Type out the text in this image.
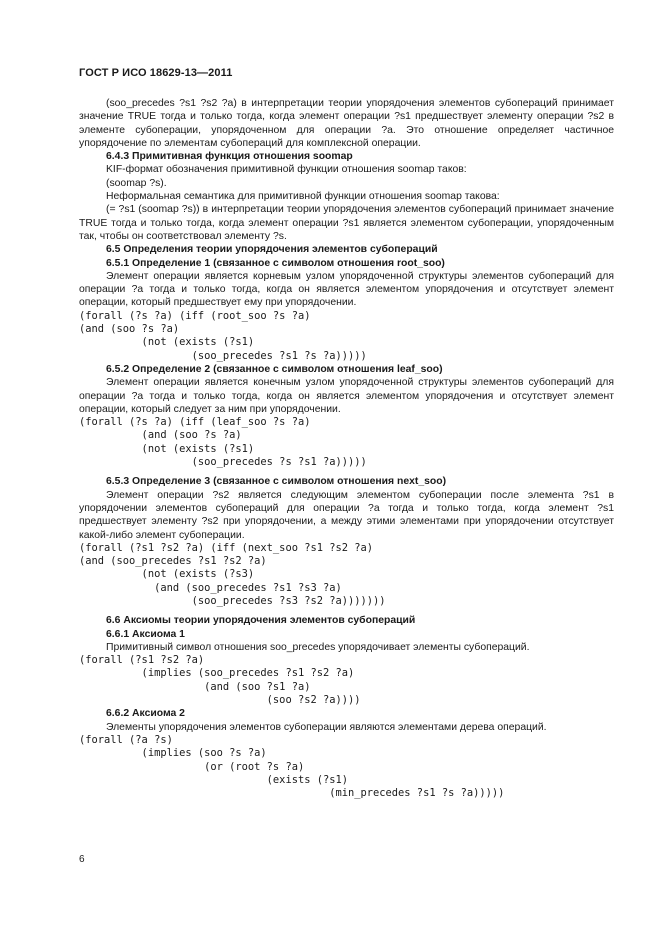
ГОСТ Р ИСО 18629-13—2011

(soo_precedes ?s1 ?s2 ?a) в интерпретации теории упорядочения элементов субопераций принимает значение TRUE тогда и только тогда, когда элемент операции ?s1 предшествует элементу операции ?s2 в элементе субоперации, упорядоченном для операции ?a. Это отношение определяет частичное упорядочение по элементам субопераций для комплексной операции.

6.4.3 Примитивная функция отношения soomap

KIF-формат обозначения примитивной функции отношения soomap таков:

(soomap ?s).

Неформальная семантика для примитивной функции отношения soomap такова:

(= ?s1 (soomap ?s)) в интерпретации теории упорядочения элементов субопераций принимает значение TRUE тогда и только тогда, когда элемент операции ?s1 является элементом субоперации, упорядоченным так, чтобы он соответствовал элементу ?s.

6.5 Определения теории упорядочения элементов субопераций

6.5.1 Определение 1 (связанное с символом отношения root_soo)

Элемент операции является корневым узлом упорядоченной структуры элементов субопераций для операции ?a тогда и только тогда, когда он является элементом упорядочения и отсутствует элемент операции, который предшествует ему при упорядочении.

(forall (?s ?a) (iff (root_soo ?s ?a)
(and (soo ?s ?a)
(not (exists (?s1)
(soo_precedes ?s1 ?s ?a)))))

6.5.2 Определение 2 (связанное с символом отношения leaf_soo)

Элемент операции является конечным узлом упорядоченной структуры элементов субопераций для операции ?a тогда и только тогда, когда он является элементом упорядочения и отсутствует элемент операции, который следует за ним при упорядочении.

(forall (?s ?a) (iff (leaf_soo ?s ?a)
(and (soo ?s ?a)
(not (exists (?s1)
(soo_precedes ?s ?s1 ?a)))))

6.5.3 Определение 3 (связанное с символом отношения next_soo)

Элемент операции ?s2 является следующим элементом субоперации после элемента ?s1 в упорядочении элементов субопераций для операции ?a тогда и только тогда, когда элемент ?s1 предшествует элементу ?s2 при упорядочении, а между этими элементами при упорядочении отсутствует какой-либо элемент субоперации.

(forall (?s1 ?s2 ?a) (iff (next_soo ?s1 ?s2 ?a)
(and (soo_precedes ?s1 ?s2 ?a)
(not (exists (?s3)
(and (soo_precedes ?s1 ?s3 ?a)
(soo_precedes ?s3 ?s2 ?a)))))))

6.6 Аксиомы теории упорядочения элементов субопераций

6.6.1 Аксиома 1

Примитивный символ отношения soo_precedes упорядочивает элементы субопераций.

(forall (?s1 ?s2 ?a)
(implies (soo_precedes ?s1 ?s2 ?a)
(and (soo ?s1 ?a)
(soo ?s2 ?a))))

6.6.2 Аксиома 2

Элементы упорядочения элементов субоперации являются элементами дерева операций.

(forall (?a ?s)
(implies (soo ?s ?a)
(or (root ?s ?a)
(exists (?s1)
(min_precedes ?s1 ?s ?a)))))
6
